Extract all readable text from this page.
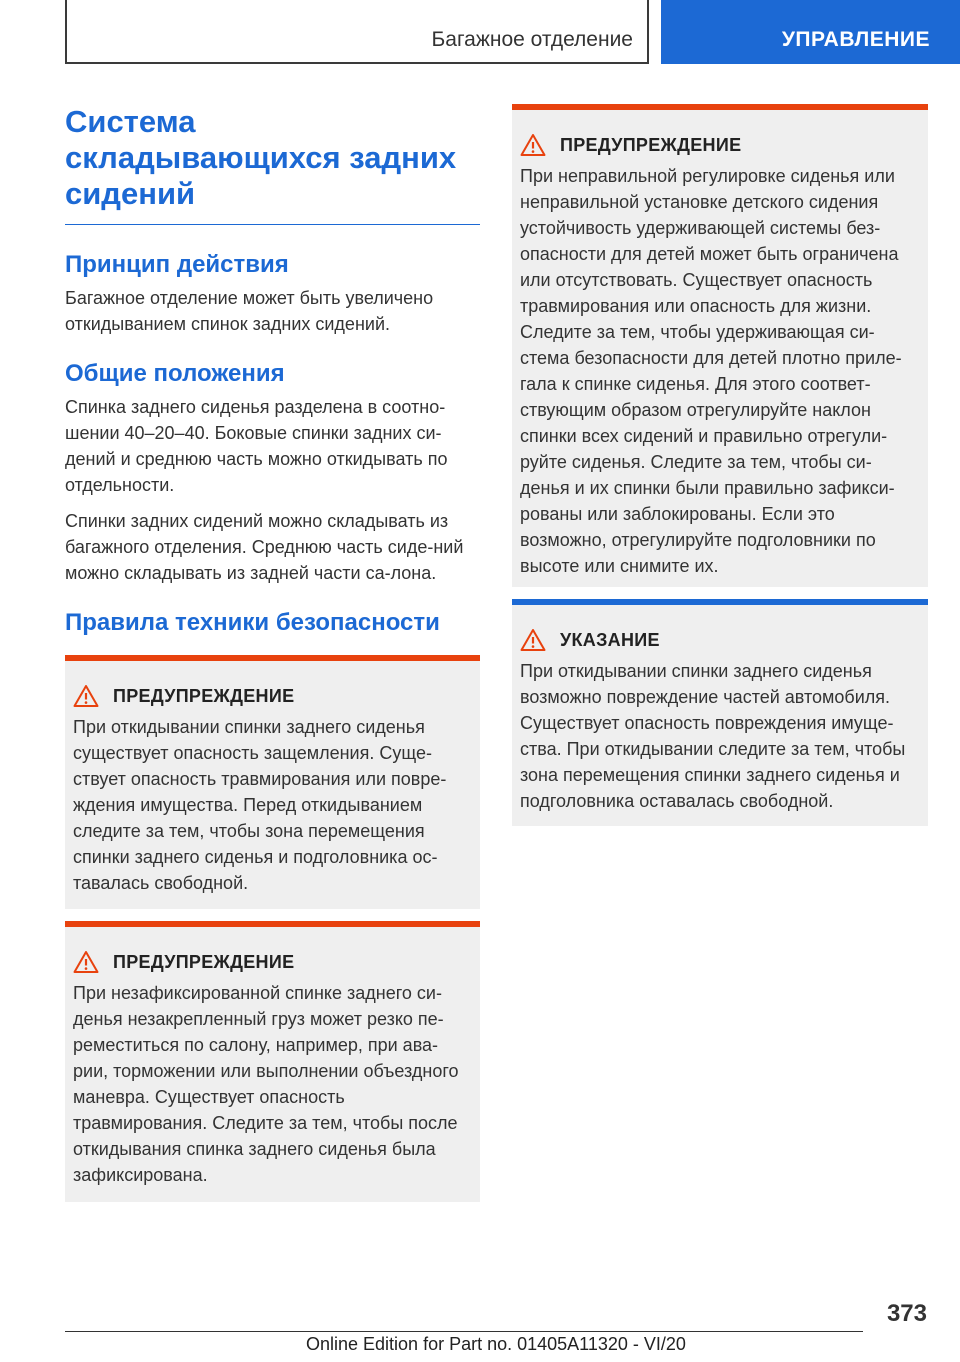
Багажное отделение	УПРАВЛЕНИЕ
Система складывающихся задних сидений
Принцип действия

Багажное отделение может быть увеличено откидыванием спинок задних сидений.

Общие положения

Спинка заднего сиденья разделена в соотно-шении 40–20–40. Боковые спинки задних си-дений и среднюю часть можно откидывать по отдельности.

Спинки задних сидений можно складывать из багажного отделения. Среднюю часть сиде-ний можно складывать из задней части са-лона.

Правила техники безопасности
ПРЕДУПРЕЖДЕНИЕ

При откидывании спинки заднего сиденья существует опасность защемления. Суще-ствует опасность травмирования или повре-ждения имущества. Перед откидыванием следите за тем, чтобы зона перемещения спинки заднего сиденья и подголовника ос-тавалась свободной.

ПРЕДУПРЕЖДЕНИЕ

При незафиксированной спинке заднего си-денья незакрепленный груз может резко пе-реместиться по салону, например, при ава-рии, торможении или выполнении объездного маневра. Существует опасность травмирования. Следите за тем, чтобы после откидывания спинка заднего сиденья была зафиксирована.

ПРЕДУПРЕЖДЕНИЕ

При неправильной регулировке сиденья или неправильной установке детского сидения устойчивость удерживающей системы без-опасности для детей может быть ограничена или отсутствовать. Существует опасность травмирования или опасность для жизни. Следите за тем, чтобы удерживающая си-стема безопасности для детей плотно приле-гала к спинке сиденья. Для этого соответ-ствующим образом отрегулируйте наклон спинки всех сидений и правильно отрегули-руйте сиденья. Следите за тем, чтобы си-денья и их спинки были правильно зафикси-рованы или заблокированы. Если это возможно, отрегулируйте подголовники по высоте или снимите их.

УКАЗАНИЕ

При откидывании спинки заднего сиденья возможно повреждение частей автомобиля. Существует опасность повреждения имуще-ства. При откидывании следите за тем, чтобы зона перемещения спинки заднего сиденья и подголовника оставалась свободной.

373
Online Edition for Part no. 01405A11320 - VI/20
